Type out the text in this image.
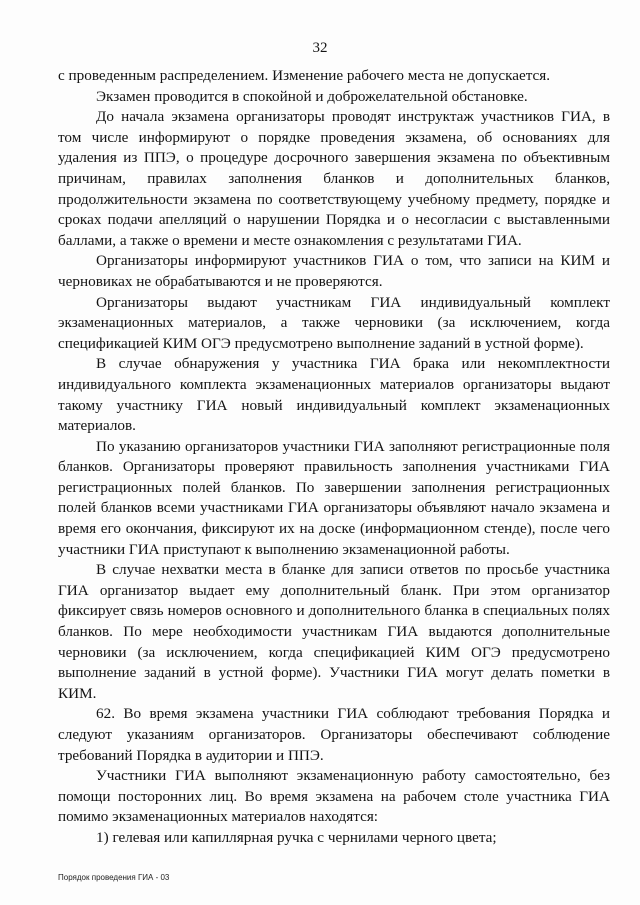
32

с проведенным распределением. Изменение рабочего места не допускается.

Экзамен проводится в спокойной и доброжелательной обстановке.

До начала экзамена организаторы проводят инструктаж участников ГИА, в том числе информируют о порядке проведения экзамена, об основаниях для удаления из ППЭ, о процедуре досрочного завершения экзамена по объективным причинам, правилах заполнения бланков и дополнительных бланков, продолжительности экзамена по соответствующему учебному предмету, порядке и сроках подачи апелляций о нарушении Порядка и о несогласии с выставленными баллами, а также о времени и месте ознакомления с результатами ГИА.

Организаторы информируют участников ГИА о том, что записи на КИМ и черновиках не обрабатываются и не проверяются.

Организаторы выдают участникам ГИА индивидуальный комплект экзаменационных материалов, а также черновики (за исключением, когда спецификацией КИМ ОГЭ предусмотрено выполнение заданий в устной форме).

В случае обнаружения у участника ГИА брака или некомплектности индивидуального комплекта экзаменационных материалов организаторы выдают такому участнику ГИА новый индивидуальный комплект экзаменационных материалов.

По указанию организаторов участники ГИА заполняют регистрационные поля бланков. Организаторы проверяют правильность заполнения участниками ГИА регистрационных полей бланков. По завершении заполнения регистрационных полей бланков всеми участниками ГИА организаторы объявляют начало экзамена и время его окончания, фиксируют их на доске (информационном стенде), после чего участники ГИА приступают к выполнению экзаменационной работы.

В случае нехватки места в бланке для записи ответов по просьбе участника ГИА организатор выдает ему дополнительный бланк. При этом организатор фиксирует связь номеров основного и дополнительного бланка в специальных полях бланков. По мере необходимости участникам ГИА выдаются дополнительные черновики (за исключением, когда спецификацией КИМ ОГЭ предусмотрено выполнение заданий в устной форме). Участники ГИА могут делать пометки в КИМ.

62. Во время экзамена участники ГИА соблюдают требования Порядка и следуют указаниям организаторов. Организаторы обеспечивают соблюдение требований Порядка в аудитории и ППЭ.

Участники ГИА выполняют экзаменационную работу самостоятельно, без помощи посторонних лиц. Во время экзамена на рабочем столе участника ГИА помимо экзаменационных материалов находятся:

1) гелевая или капиллярная ручка с чернилами черного цвета;

Порядок проведения ГИА - 03
